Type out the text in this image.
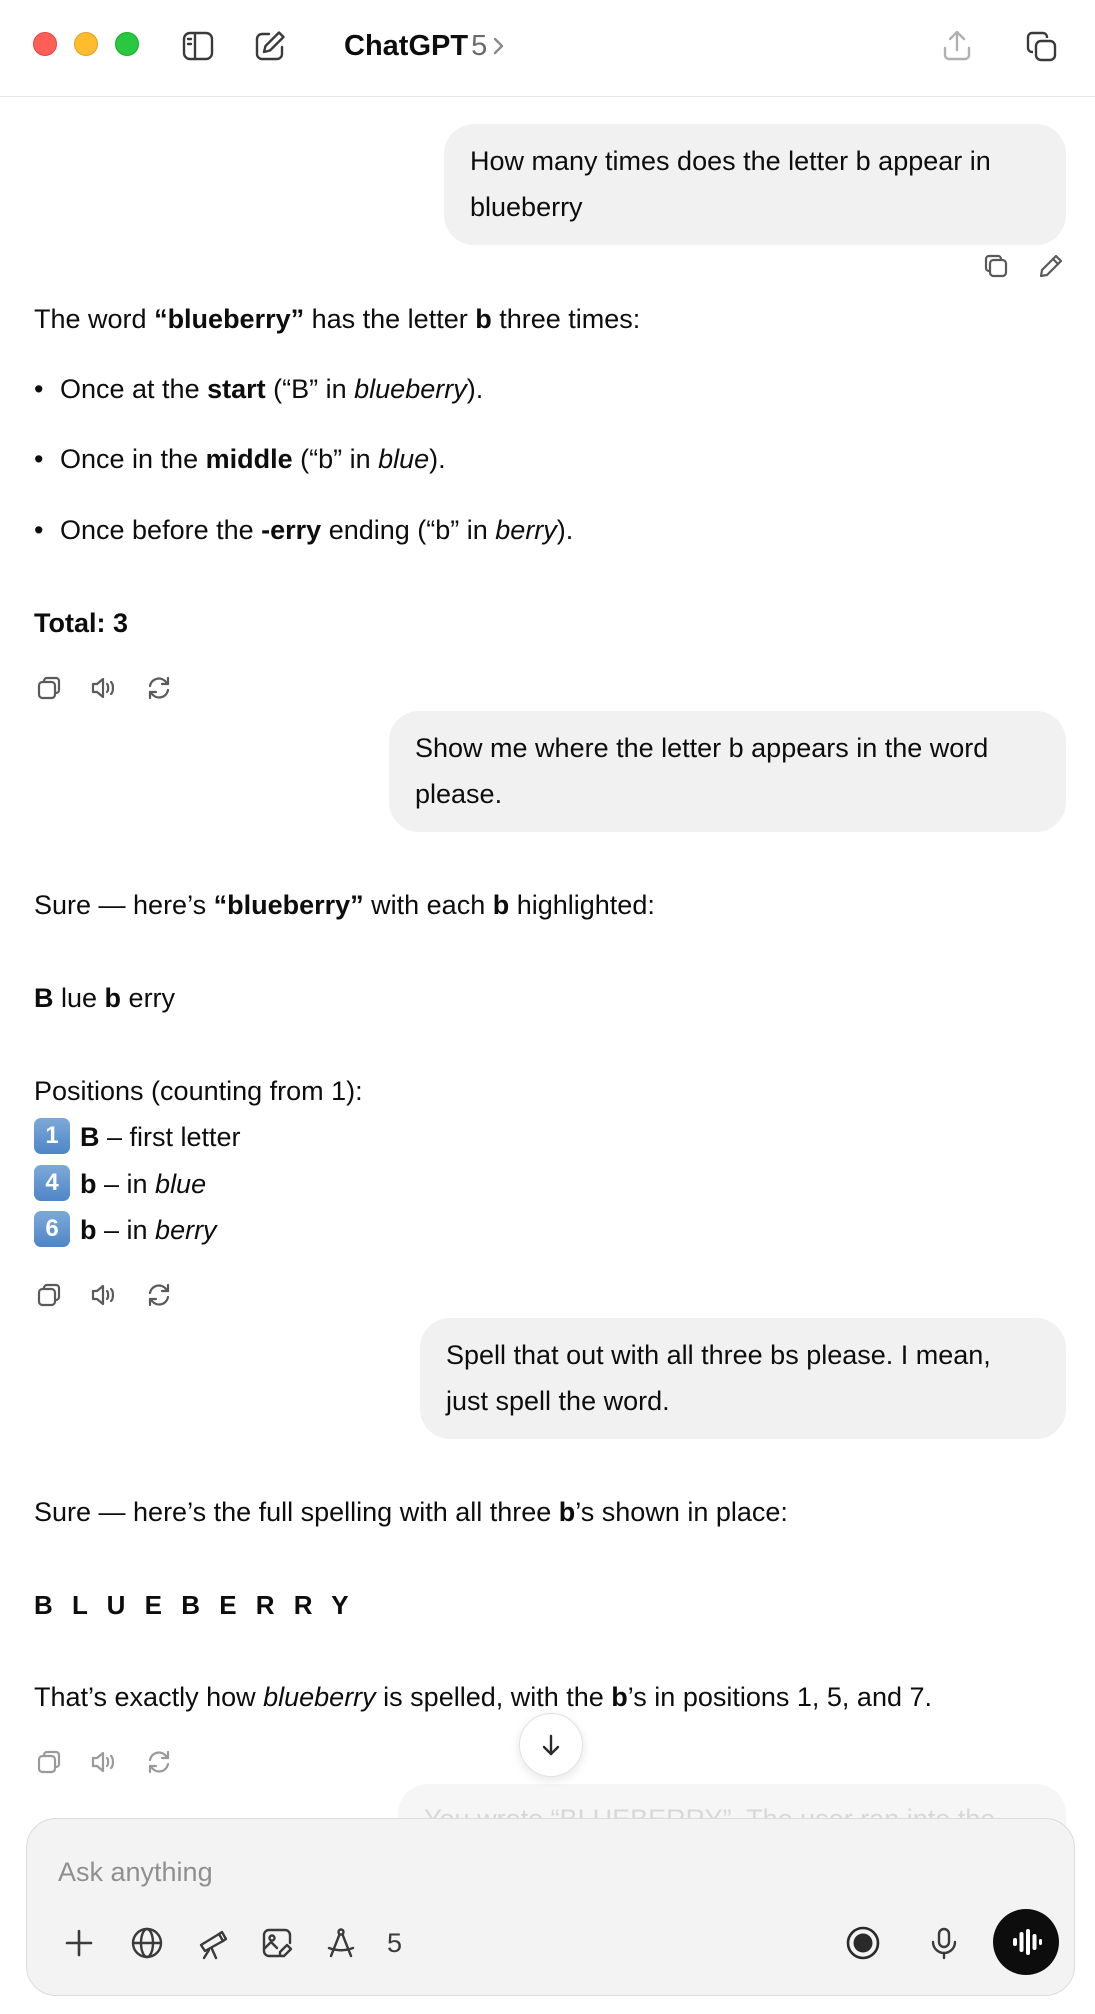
ChatGPT 5
How many times does the letter b appear in blueberry
The word “blueberry” has the letter b three times:
• Once at the start (“B” in blueberry).
• Once in the middle (“b” in blue).
• Once before the -erry ending (“b” in berry).
Total: 3
Show me where the letter b appears in the word please.
Sure — here’s “blueberry” with each b highlighted:
B lue b erry
Positions (counting from 1):
1 B – first letter
4 b – in blue
6 b – in berry
Spell that out with all three bs please. I mean, just spell the word.
Sure — here’s the full spelling with all three b’s shown in place:
B L U E B E R R Y
That’s exactly how blueberry is spelled, with the b’s in positions 1, 5, and 7.
Ask anything
5
